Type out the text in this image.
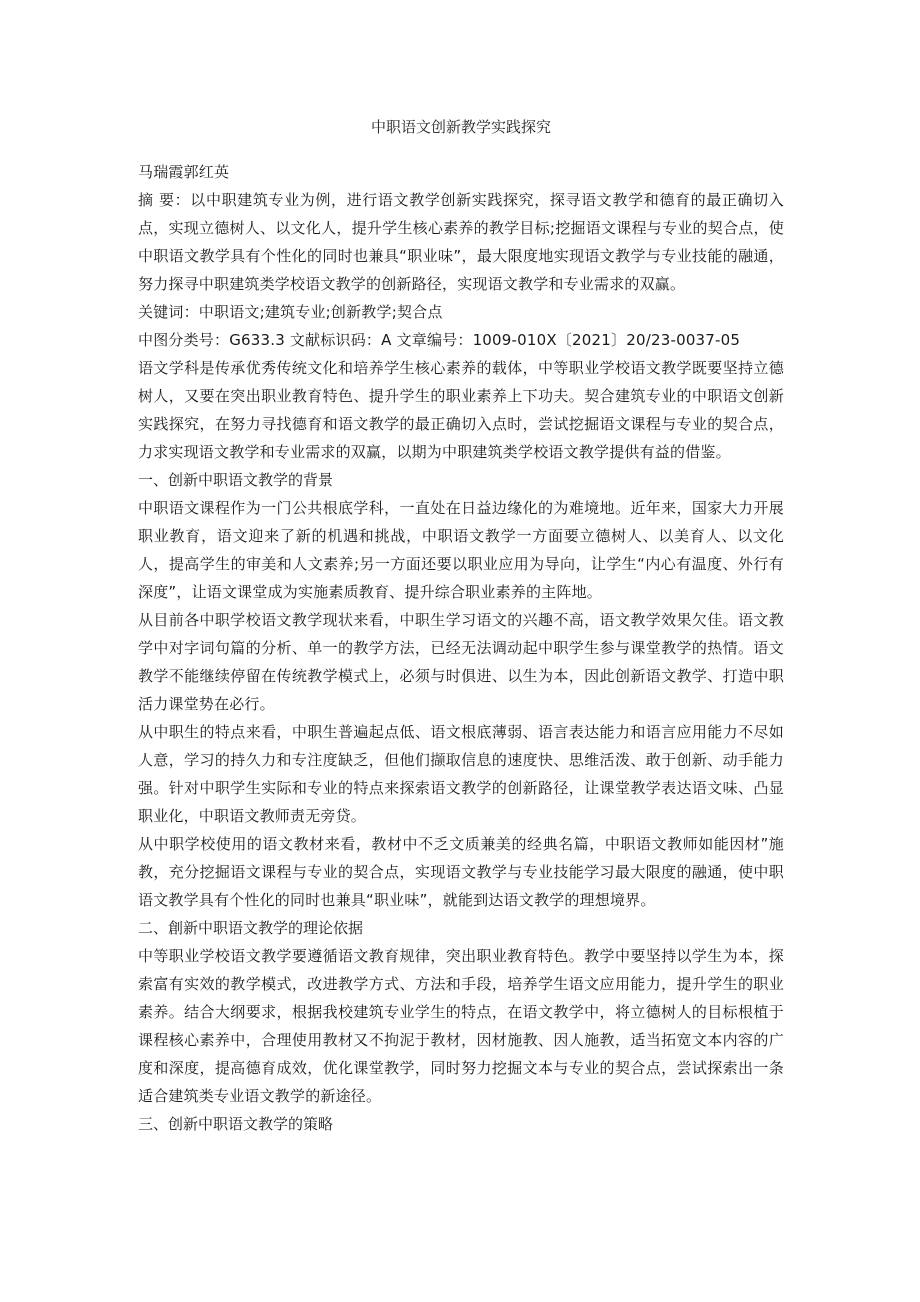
中职语文创新教学实践探究

马瑞霞郭红英

摘 要：以中职建筑专业为例，进行语文教学创新实践探究，探寻语文教学和德育的最正确切入点，实现立德树人、以文化人，提升学生核心素养的教学目标;挖掘语文课程与专业的契合点，使中职语文教学具有个性化的同时也兼具“职业味”，最大限度地实现语文教学与专业技能的融通，努力探寻中职建筑类学校语文教学的创新路径，实现语文教学和专业需求的双赢。

关键词：中职语文;建筑专业;创新教学;契合点

中图分类号：G633.3 文献标识码：A 文章编号：1009-010X〔2021〕20/23-0037-05

语文学科是传承优秀传统文化和培养学生核心素养的载体，中等职业学校语文教学既要坚持立德树人，又要在突出职业教育特色、提升学生的职业素养上下功夫。契合建筑专业的中职语文创新实践探究，在努力寻找德育和语文教学的最正确切入点时，尝试挖掘语文课程与专业的契合点，力求实现语文教学和专业需求的双赢，以期为中职建筑类学校语文教学提供有益的借鉴。

一、创新中职语文教学的背景

中职语文课程作为一门公共根底学科，一直处在日益边缘化的为难境地。近年来，国家大力开展职业教育，语文迎来了新的机遇和挑战，中职语文教学一方面要立德树人、以美育人、以文化人，提高学生的审美和人文素养;另一方面还要以职业应用为导向，让学生“内心有温度、外行有深度”，让语文课堂成为实施素质教育、提升综合职业素养的主阵地。

从目前各中职学校语文教学现状来看，中职生学习语文的兴趣不高，语文教学效果欠佳。语文教学中对字词句篇的分析、单一的教学方法，已经无法调动起中职学生参与课堂教学的热情。语文教学不能继续停留在传统教学模式上，必须与时俱进、以生为本，因此创新语文教学、打造中职活力课堂势在必行。

从中职生的特点来看，中职生普遍起点低、语文根底薄弱、语言表达能力和语言应用能力不尽如人意，学习的持久力和专注度缺乏，但他们撷取信息的速度快、思维活泼、敢于创新、动手能力强。针对中职学生实际和专业的特点来探索语文教学的创新路径，让课堂教学表达语文味、凸显职业化，中职语文教师责无旁贷。

从中职学校使用的语文教材来看，教材中不乏文质兼美的经典名篇，中职语文教师如能因材”施教，充分挖掘语文课程与专业的契合点，实现语文教学与专业技能学习最大限度的融通，使中职语文教学具有个性化的同时也兼具“职业味”，就能到达语文教学的理想境界。

二、創新中职语文教学的理论依据

中等职业学校语文教学要遵循语文教育规律，突出职业教育特色。教学中要坚持以学生为本，探索富有实效的教学模式，改进教学方式、方法和手段，培养学生语文应用能力，提升学生的职业素养。结合大纲要求，根据我校建筑专业学生的特点，在语文教学中，将立德树人的目标根植于课程核心素养中，合理使用教材又不拘泥于教材，因材施教、因人施教，适当拓宽文本内容的广度和深度，提高德育成效，优化课堂教学，同时努力挖掘文本与专业的契合点，尝试探索出一条适合建筑类专业语文教学的新途径。

三、创新中职语文教学的策略
